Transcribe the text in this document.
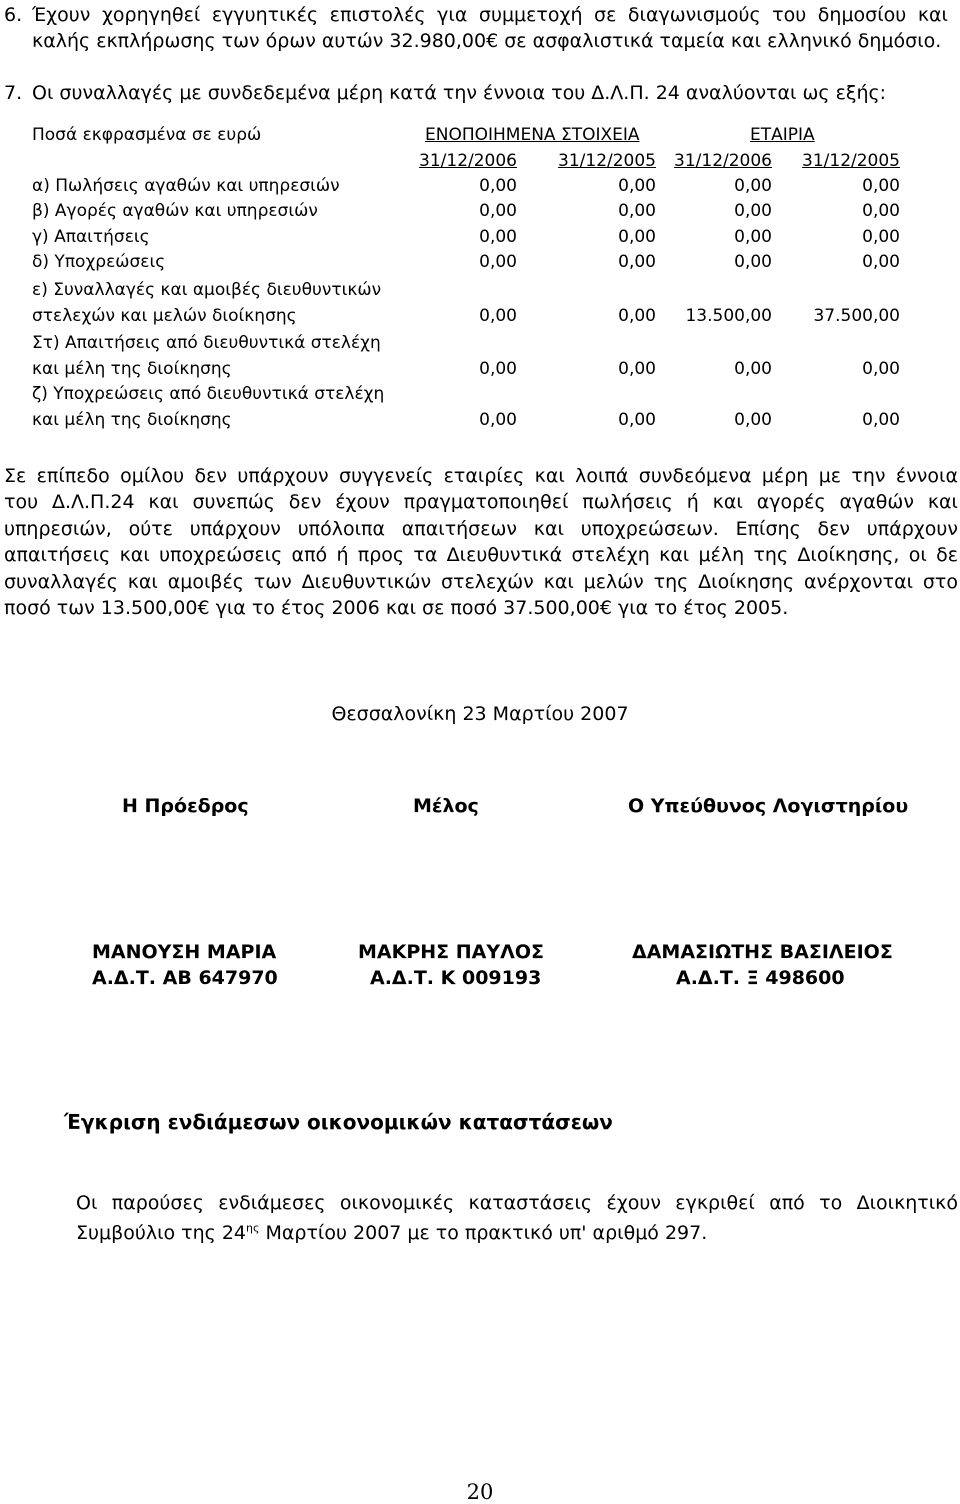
6. Έχουν χορηγηθεί εγγυητικές επιστολές για συμμετοχή σε διαγωνισμούς του δημοσίου και καλής εκπλήρωσης των όρων αυτών 32.980,00€ σε ασφαλιστικά ταμεία και ελληνικό δημόσιο.
7. Οι συναλλαγές με συνδεδεμένα μέρη κατά την έννοια του Δ.Λ.Π. 24 αναλύονται ως εξής:
Ποσά εκφρασμένα σε ευρώ	ΕΝΟΠΟΙΗΜΕΝΑ ΣΤΟΙΧΕΙΑ	ΕΤΑΙΡΙΑ
31/12/2006 31/12/2005 31/12/2006 31/12/2005
α) Πωλήσεις αγαθών και υπηρεσιών	0,00	0,00	0,00	0,00
β) Αγορές αγαθών και υπηρεσιών	0,00	0,00	0,00	0,00
γ) Απαιτήσεις	0,00	0,00	0,00	0,00
δ) Υποχρεώσεις	0,00	0,00	0,00	0,00
ε) Συναλλαγές και αμοιβές διευθυντικών
στελεχών και μελών διοίκησης	0,00	0,00 13.500,00 37.500,00
Στ) Απαιτήσεις από διευθυντικά στελέχη
και μέλη της διοίκησης	0,00	0,00	0,00	0,00
ζ) Υποχρεώσεις από διευθυντικά στελέχη
και μέλη της διοίκησης	0,00	0,00	0,00	0,00
Σε επίπεδο ομίλου δεν υπάρχουν συγγενείς εταιρίες και λοιπά συνδεόμενα μέρη με την έννοια
του Δ.Λ.Π.24 και συνεπώς δεν έχουν πραγματοποιηθεί πωλήσεις ή και αγορές αγαθών και
υπηρεσιών, ούτε υπάρχουν υπόλοιπα απαιτήσεων και υποχρεώσεων. Επίσης δεν υπάρχουν
απαιτήσεις και υποχρεώσεις από ή προς τα Διευθυντικά στελέχη και μέλη της Διοίκησης, οι δε
συναλλαγές και αμοιβές των Διευθυντικών στελεχών και μελών της Διοίκησης ανέρχονται στο
ποσό των 13.500,00€ για το έτος 2006 και σε ποσό 37.500,00€ για το έτος 2005.
Θεσσαλονίκη 23 Μαρτίου 2007
Η Πρόεδρος	Μέλος	Ο Υπεύθυνος Λογιστηρίου
ΜΑΝΟΥΣΗ ΜΑΡΙΑ	ΜΑΚΡΗΣ ΠΑΥΛΟΣ	ΔΑΜΑΣΙΩΤΗΣ ΒΑΣΙΛΕΙΟΣ
Α.Δ.Τ. ΑΒ 647970	Α.Δ.Τ. Κ 009193	Α.Δ.Τ. Ξ 498600
Έγκριση ενδιάμεσων οικονομικών καταστάσεων
Οι παρούσες ενδιάμεσες οικονομικές καταστάσεις έχουν εγκριθεί από το Διοικητικό
Συμβούλιο της $24^{\eta\varsigma}$ Μαρτίου 2007 με το πρακτικό υπ' αριθμό 297.
20
